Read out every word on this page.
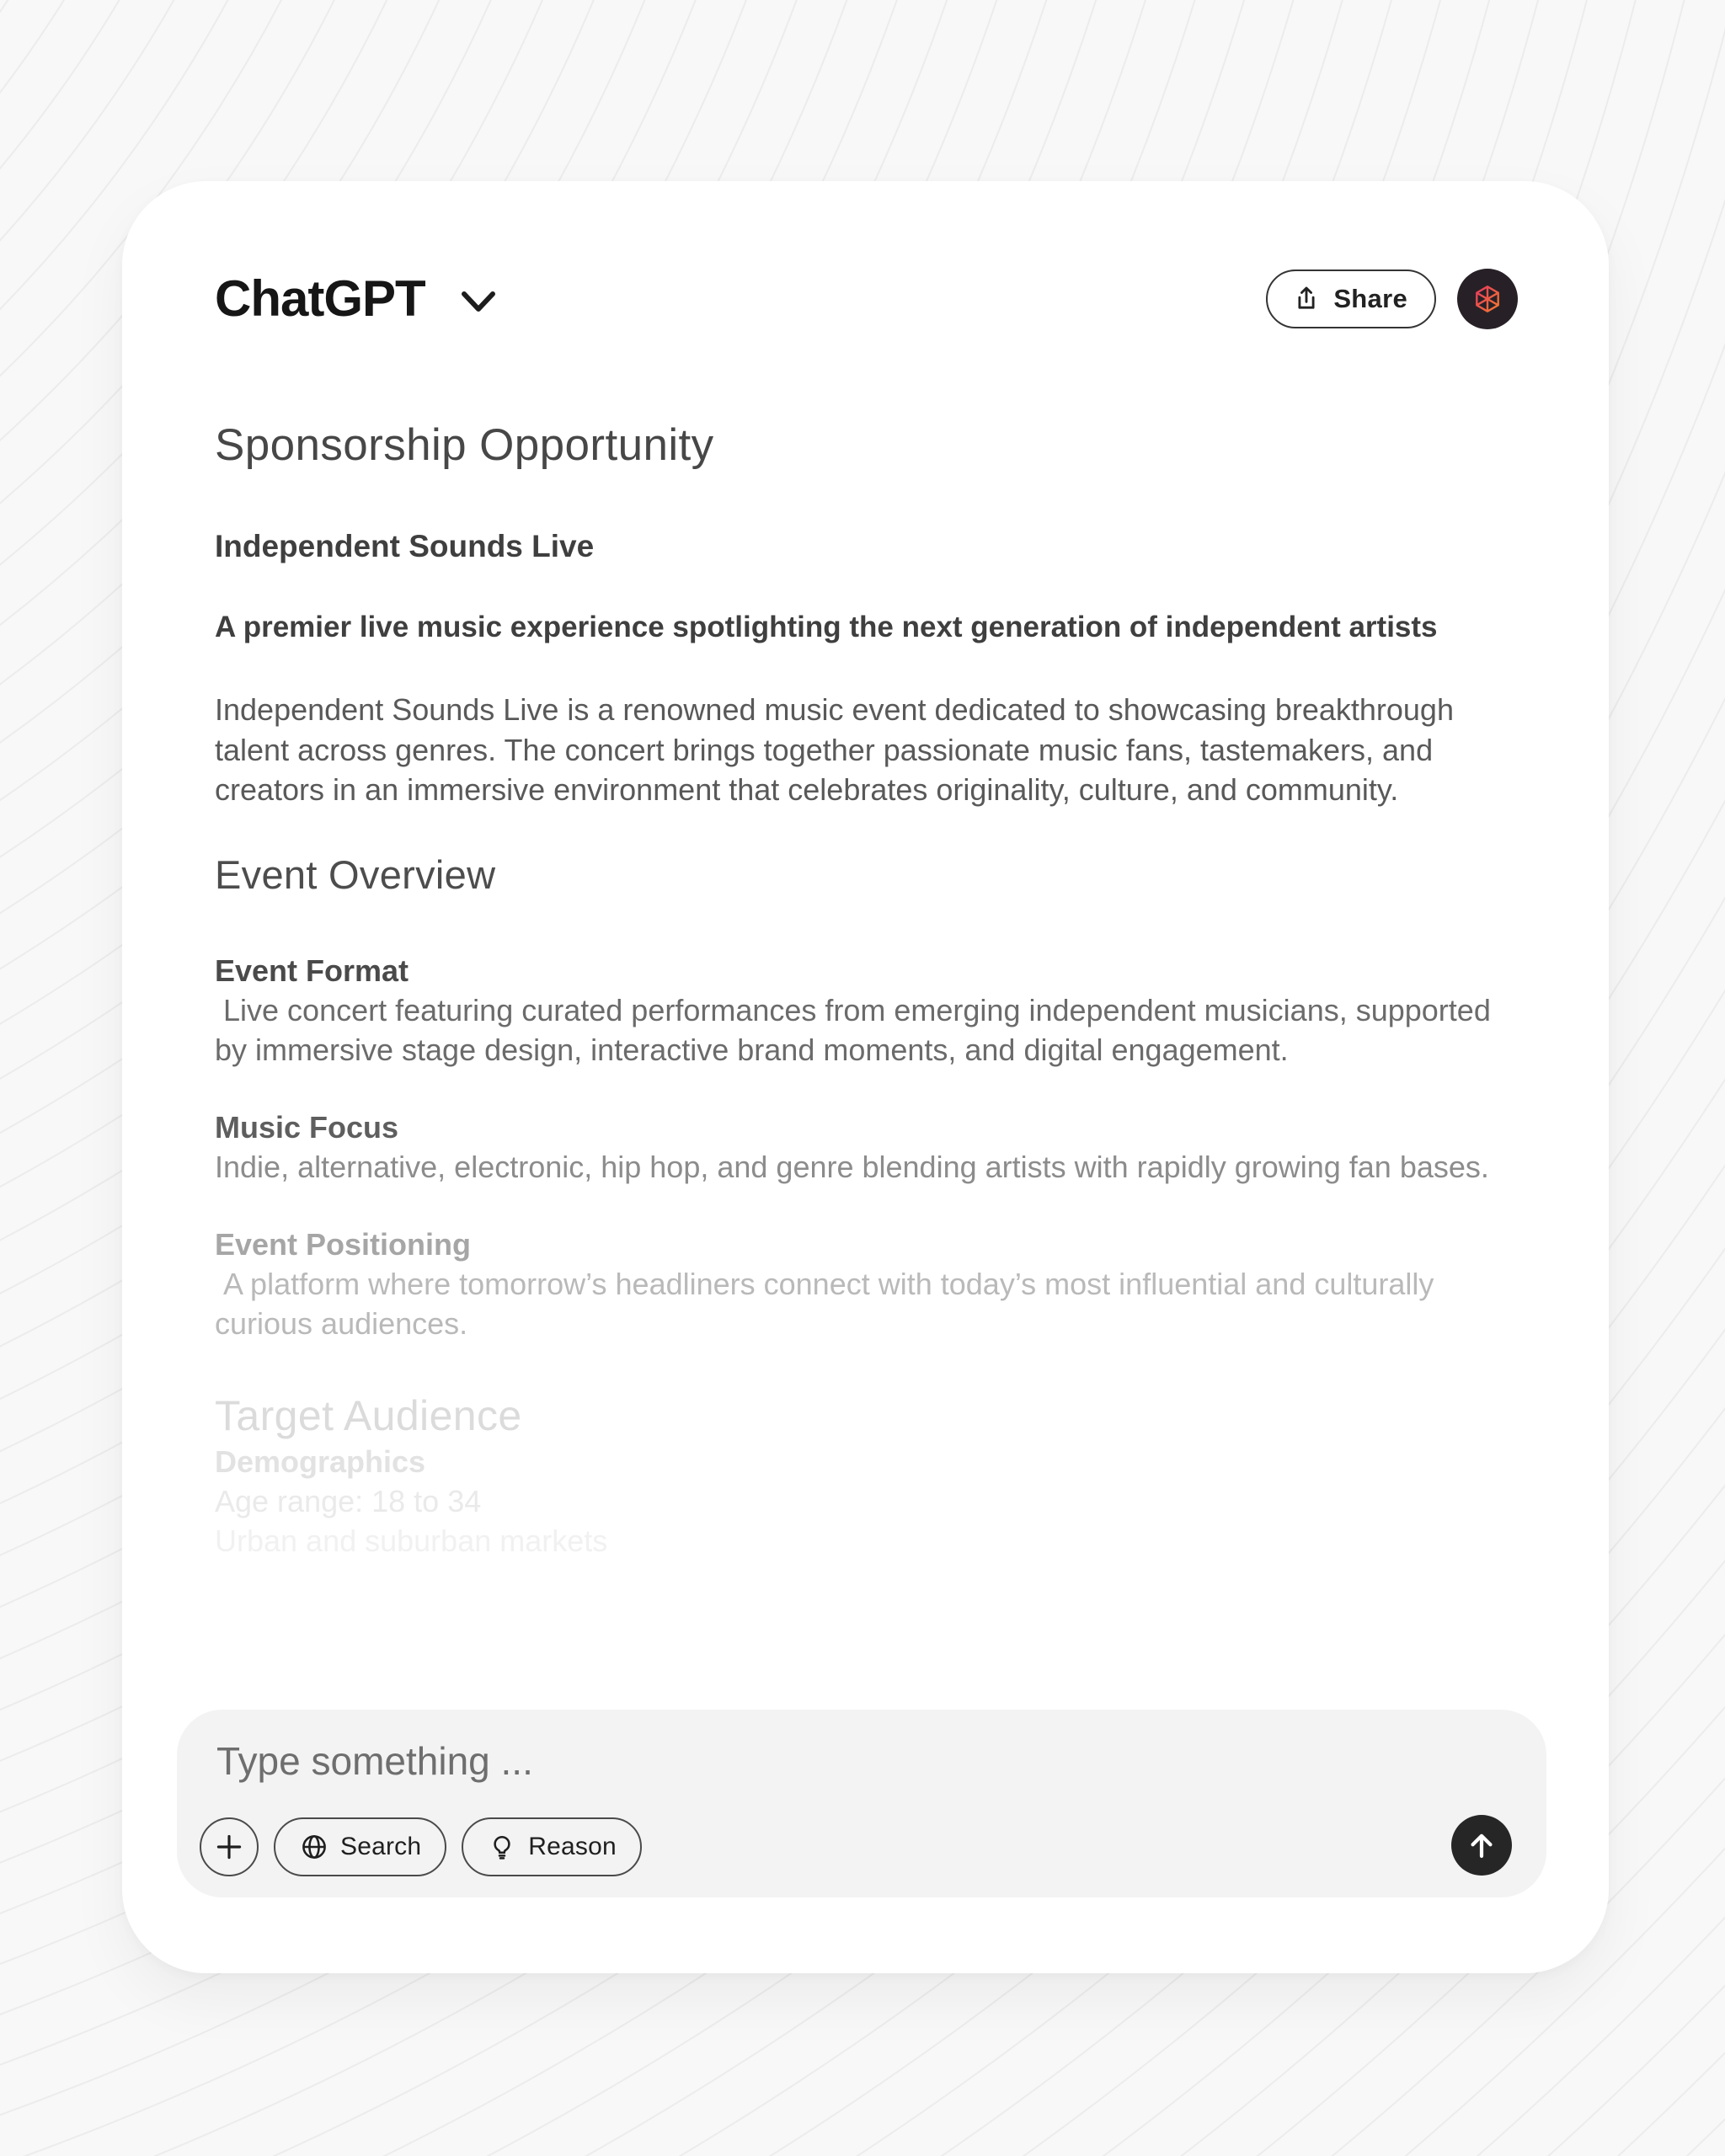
ChatGPT	Share
Sponsorship Opportunity

Independent Sounds Live

A premier live music experience spotlighting the next generation of independent artists

Independent Sounds Live is a renowned music event dedicated to showcasing breakthrough talent across genres. The concert brings together passionate music fans, tastemakers, and creators in an immersive environment that celebrates originality, culture, and community.

Event Overview
Event Format
Live concert featuring curated performances from emerging independent musicians, supported by immersive stage design, interactive brand moments, and digital engagement.
Music Focus
Indie, alternative, electronic, hip hop, and genre blending artists with rapidly growing fan bases.
Event Positioning
A platform where tomorrow’s headliners connect with today’s most influential and culturally curious audiences.
Target Audience
Demographics
Age range: 18 to 34
Urban and suburban markets
Type something ...
Search	Reason
